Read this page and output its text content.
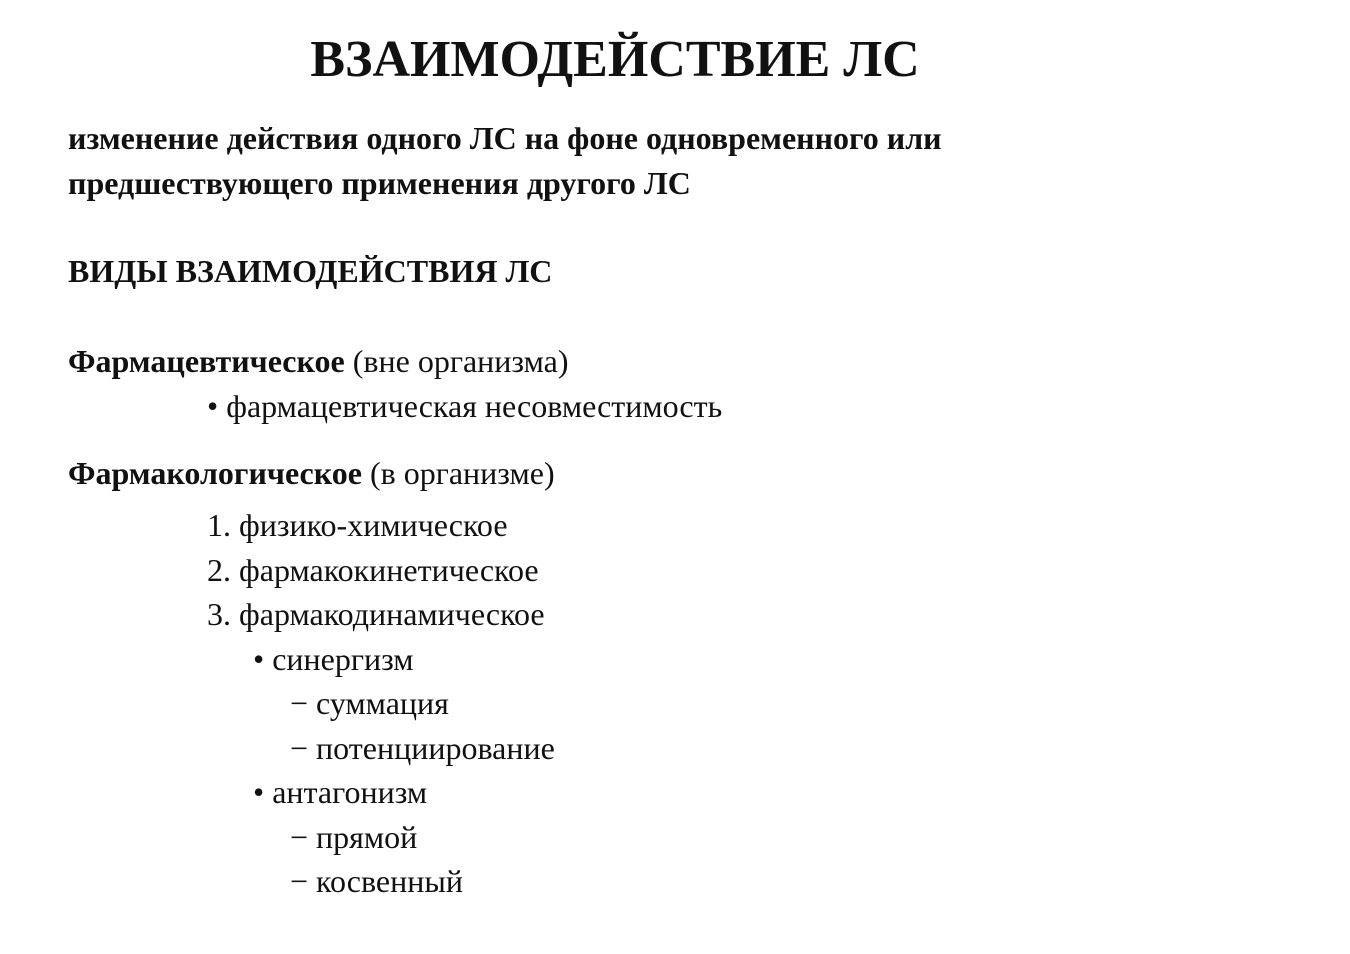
ВЗАИМОДЕЙСТВИЕ ЛС
изменение действия одного ЛС на фоне одновременного или
предшествующего применения другого ЛС
ВИДЫ ВЗАИМОДЕЙСТВИЯ ЛС
Фармацевтическое (вне организма)
• фармацевтическая несовместимость
Фармакологическое (в организме)
1. физико-химическое
2. фармакокинетическое
3. фармакодинамическое
• синергизм
− суммация
− потенциирование
• антагонизм
− прямой
− косвенный
